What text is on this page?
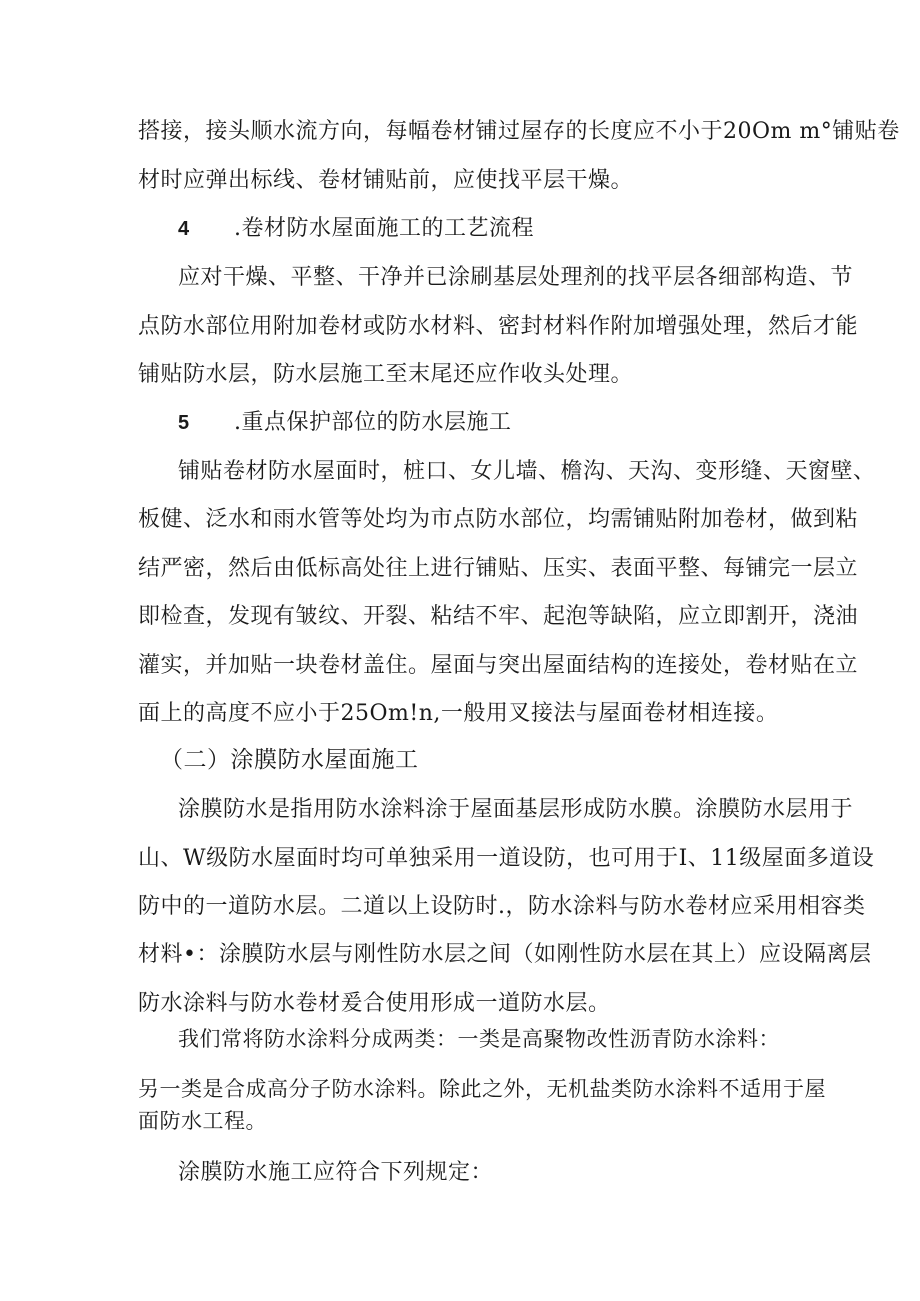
搭接，接头顺水流方向，每幅卷材铺过屋存的长度应不小于20Om m°铺贴卷
材时应弹出标线、卷材铺贴前，应使找平层干燥。
4 .卷材防水屋面施工的工艺流程
应对干燥、平整、干净并已涂刷基层处理剂的找平层各细部构造、节
点防水部位用附加卷材或防水材料、密封材料作附加增强处理，然后才能
铺贴防水层，防水层施工至末尾还应作收头处理。
5 .重点保护部位的防水层施工
铺贴卷材防水屋面时，桩口、女儿墙、檐沟、天沟、变形缝、天窗壁、
板健、泛水和雨水管等处均为市点防水部位，均需铺贴附加卷材，做到粘
结严密，然后由低标高处往上进行铺贴、压实、表面平整、每铺完一层立
即检查，发现有皱纹、开裂、粘结不牢、起泡等缺陷，应立即割开，浇油
灌实，并加贴一块卷材盖住。屋面与突出屋面结构的连接处，卷材贴在立
面上的高度不应小于25Om!n,一般用叉接法与屋面卷材相连接。
（二）涂膜防水屋面施工
涂膜防水是指用防水涂料涂于屋面基层形成防水膜。涂膜防水层用于
山、W级防水屋面时均可单独采用一道设防，也可用于I、11级屋面多道设
防中的一道防水层。二道以上设防时.，防水涂料与防水卷材应采用相容类
材料•：涂膜防水层与刚性防水层之间（如刚性防水层在其上）应设隔离层
防水涂料与防水卷材爰合使用形成一道防水层。
我们常将防水涂料分成两类：一类是高聚物改性沥青防水涂料：
另一类是合成高分子防水涂料。除此之外，无机盐类防水涂料不适用于屋
面防水工程。
涂膜防水施工应符合下列规定：
